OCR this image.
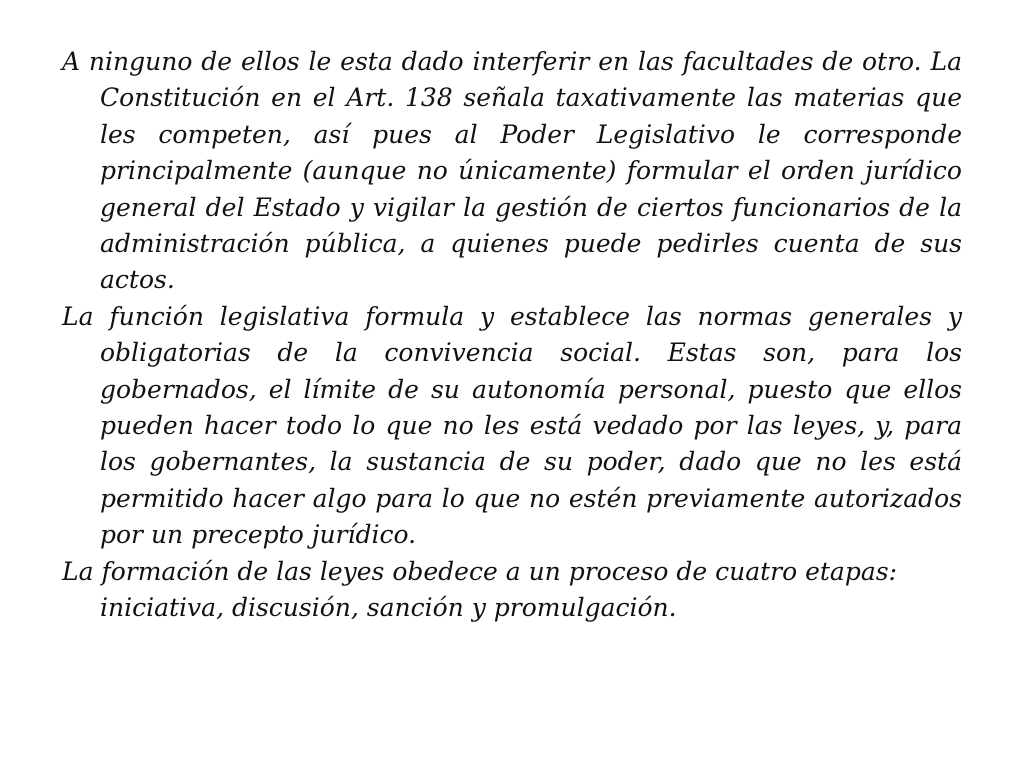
A ninguno de ellos le esta dado interferir en las facultades de otro. La Constitución en el Art. 138 señala taxativamente las materias que les competen, así pues al Poder Legislativo le corresponde principalmente (aunque no únicamente) formular el orden jurídico general del Estado y vigilar la gestión de ciertos funcionarios de la administración pública, a quienes puede pedirles cuenta de sus actos.

La función legislativa formula y establece las normas generales y obligatorias de la convivencia social. Estas son, para los gobernados, el límite de su autonomía personal, puesto que ellos pueden hacer todo lo que no les está vedado por las leyes, y, para los gobernantes, la sustancia de su poder, dado que no les está permitido hacer algo para lo que no estén previamente autorizados por un precepto jurídico.

La formación de las leyes obedece a un proceso de cuatro etapas: iniciativa, discusión, sanción y promulgación.
